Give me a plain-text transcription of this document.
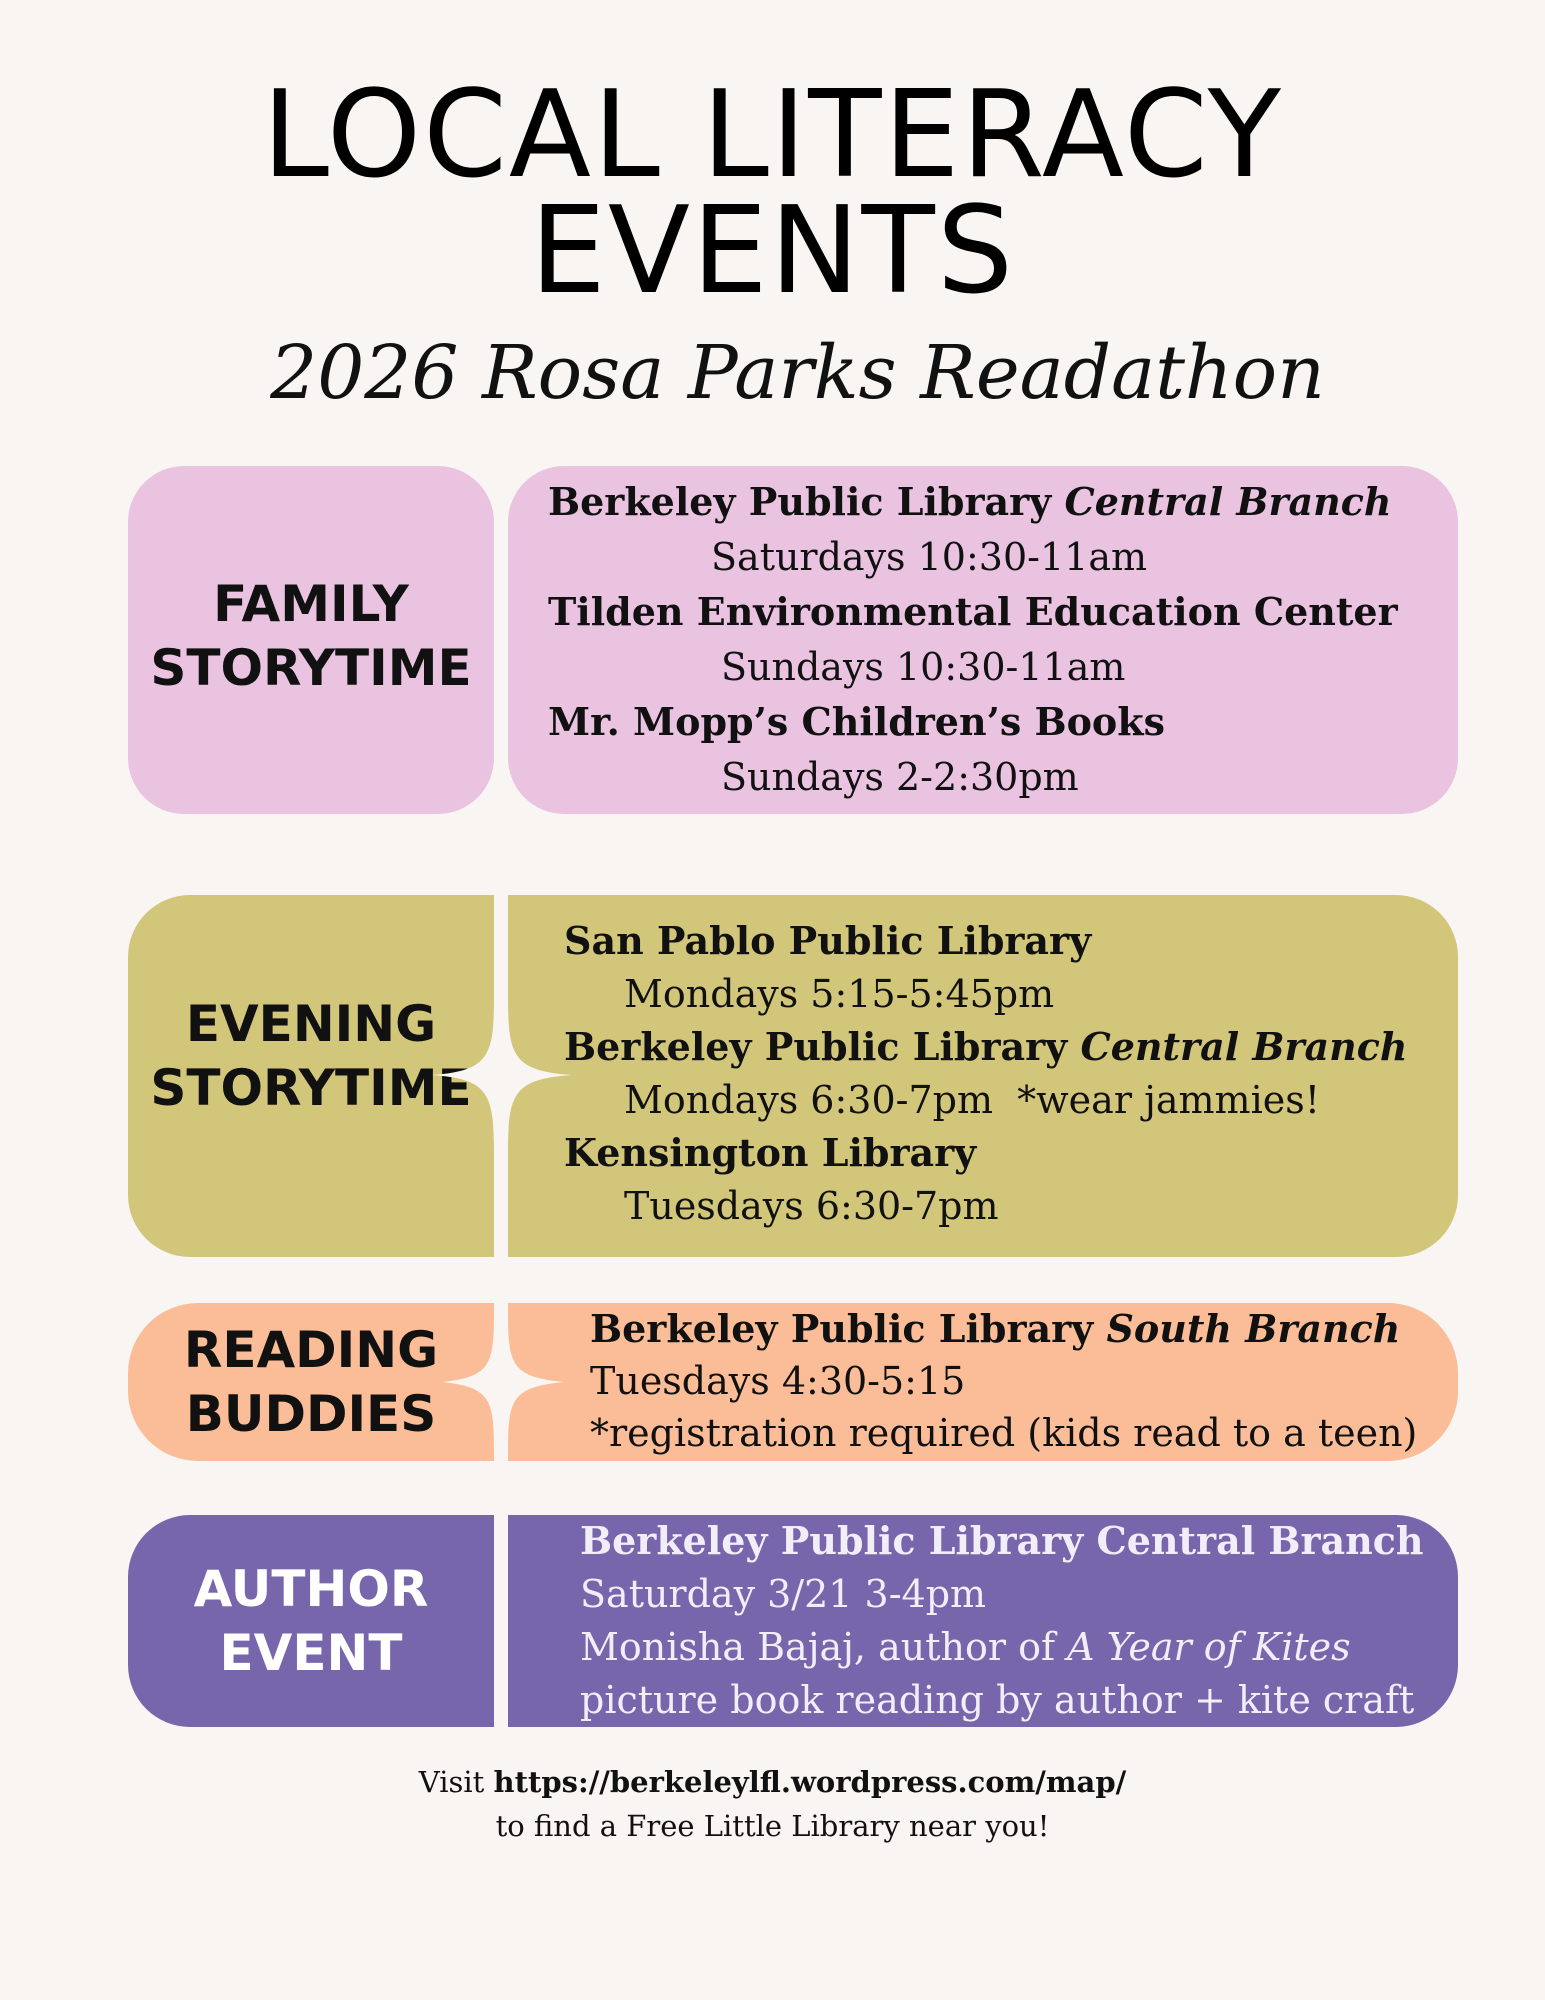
LOCAL LITERACY
EVENTS
2026 Rosa Parks Readathon
FAMILY
STORYTIME
Berkeley Public Library Central Branch
Saturdays 10:30-11am
Tilden Environmental Education Center
Sundays 10:30-11am
Mr. Mopp’s Children’s Books
Sundays 2-2:30pm
EVENING
STORYTIME
San Pablo Public Library
Mondays 5:15-5:45pm
Berkeley Public Library Central Branch
Mondays 6:30-7pm  *wear jammies!
Kensington Library
Tuesdays 6:30-7pm
READING
BUDDIES
Berkeley Public Library South Branch
Tuesdays 4:30-5:15
*registration required (kids read to a teen)
AUTHOR
EVENT
Berkeley Public Library Central Branch
Saturday 3/21 3-4pm
Monisha Bajaj, author of A Year of Kites
picture book reading by author + kite craft
Visit https://berkeleylfl.wordpress.com/map/
to find a Free Little Library near you!
